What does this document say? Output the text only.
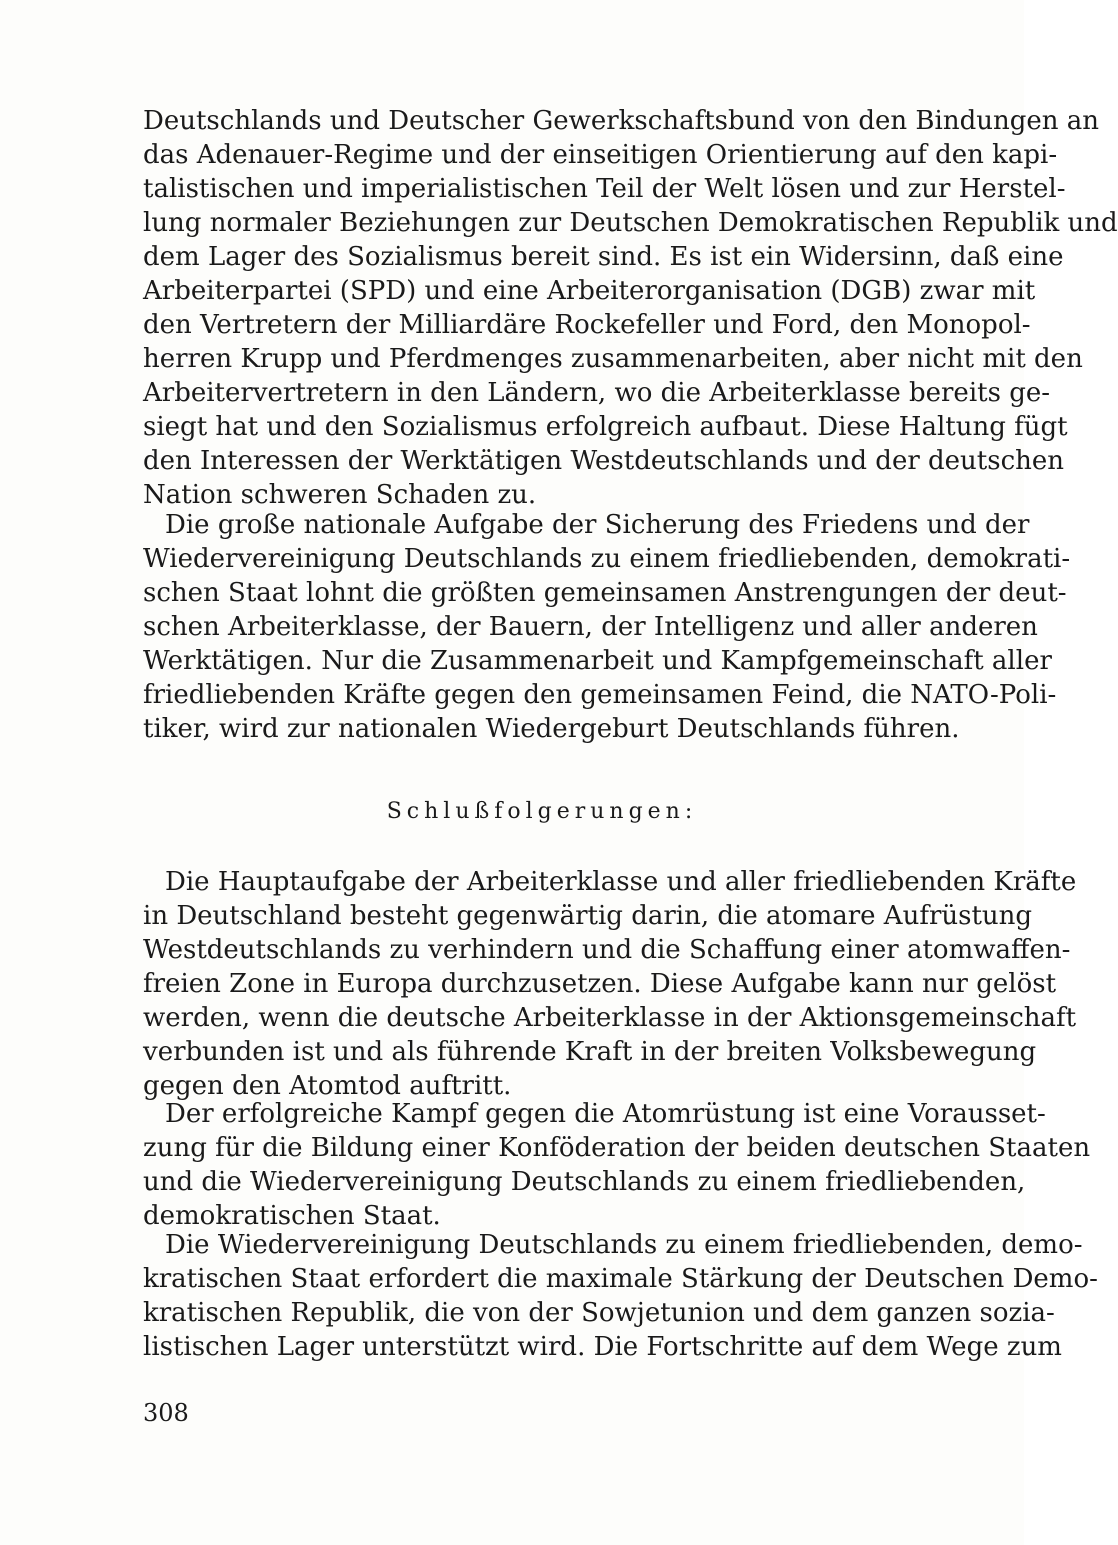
Deutschlands und Deutscher Gewerkschaftsbund von den Bindungen an
das Adenauer-Regime und der einseitigen Orientierung auf den kapi-
talistischen und imperialistischen Teil der Welt lösen und zur Herstel-
lung normaler Beziehungen zur Deutschen Demokratischen Republik und
dem Lager des Sozialismus bereit sind. Es ist ein Widersinn, daß eine
Arbeiterpartei (SPD) und eine Arbeiterorganisation (DGB) zwar mit
den Vertretern der Milliardäre Rockefeller und Ford, den Monopol-
herren Krupp und Pferdmenges zusammenarbeiten, aber nicht mit den
Arbeitervertretern in den Ländern, wo die Arbeiterklasse bereits ge-
siegt hat und den Sozialismus erfolgreich aufbaut. Diese Haltung fügt
den Interessen der Werktätigen Westdeutschlands und der deutschen
Nation schweren Schaden zu.
Die große nationale Aufgabe der Sicherung des Friedens und der
Wiedervereinigung Deutschlands zu einem friedliebenden, demokrati-
schen Staat lohnt die größten gemeinsamen Anstrengungen der deut-
schen Arbeiterklasse, der Bauern, der Intelligenz und aller anderen
Werktätigen. Nur die Zusammenarbeit und Kampfgemeinschaft aller
friedliebenden Kräfte gegen den gemeinsamen Feind, die NATO-Poli-
tiker, wird zur nationalen Wiedergeburt Deutschlands führen.
Schlußfolgerungen:
Die Hauptaufgabe der Arbeiterklasse und aller friedliebenden Kräfte
in Deutschland besteht gegenwärtig darin, die atomare Aufrüstung
Westdeutschlands zu verhindern und die Schaffung einer atomwaffen-
freien Zone in Europa durchzusetzen. Diese Aufgabe kann nur gelöst
werden, wenn die deutsche Arbeiterklasse in der Aktionsgemeinschaft
verbunden ist und als führende Kraft in der breiten Volksbewegung
gegen den Atomtod auftritt.
Der erfolgreiche Kampf gegen die Atomrüstung ist eine Vorausset-
zung für die Bildung einer Konföderation der beiden deutschen Staaten
und die Wiedervereinigung Deutschlands zu einem friedliebenden,
demokratischen Staat.
Die Wiedervereinigung Deutschlands zu einem friedliebenden, demo-
kratischen Staat erfordert die maximale Stärkung der Deutschen Demo-
kratischen Republik, die von der Sowjetunion und dem ganzen sozia-
listischen Lager unterstützt wird. Die Fortschritte auf dem Wege zum
308
